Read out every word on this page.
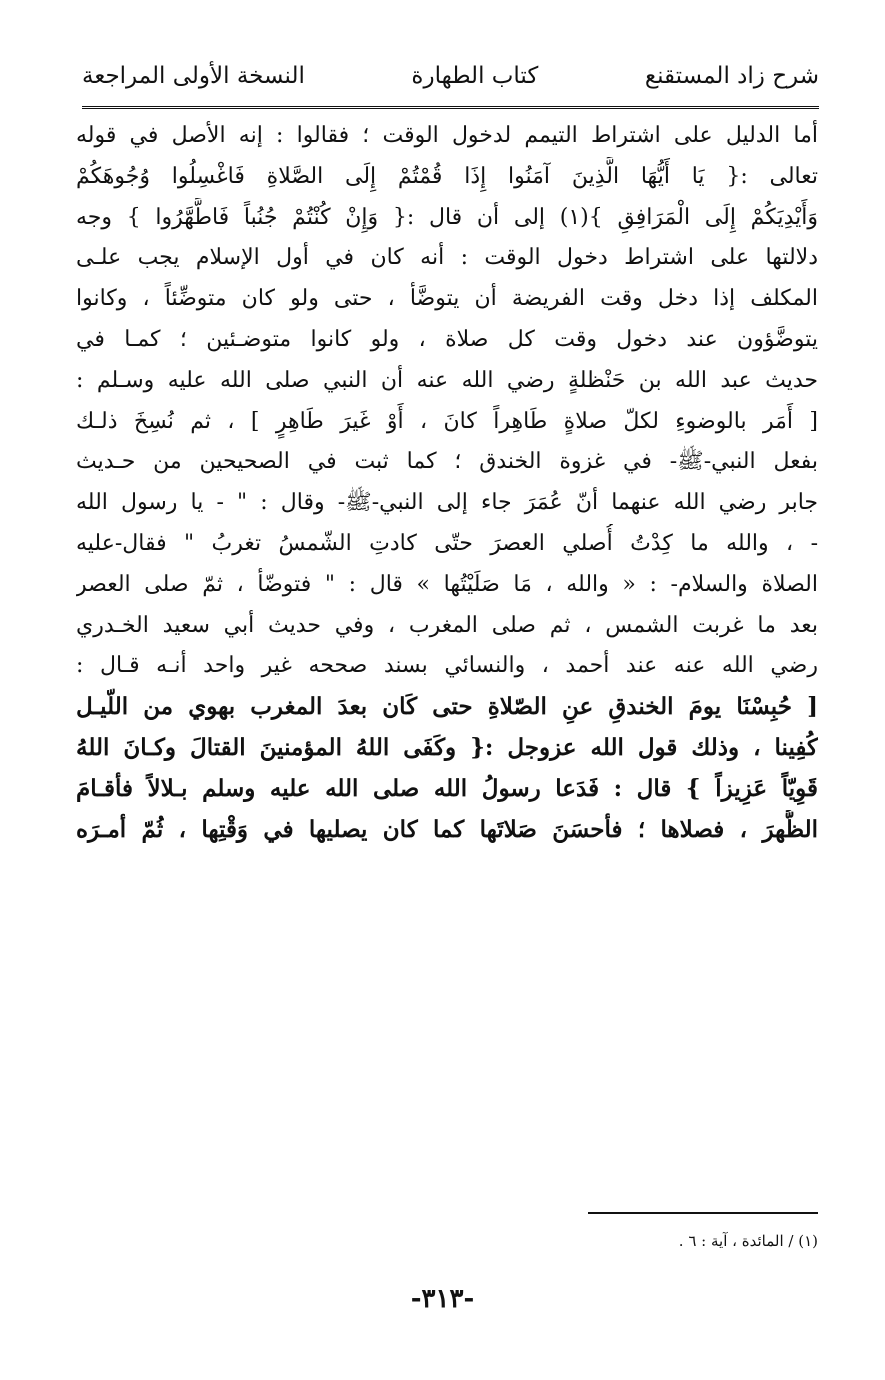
شرح زاد المستقنع
كتاب الطهارة
النسخة الأولى المراجعة
أما الدليل على اشتراط التيمم لدخول الوقت ؛ فقالوا : إنه الأصل في قوله
تعالى :{ يَا أَيُّهَا الَّذِينَ آمَنُوا إِذَا قُمْتُمْ إِلَى الصَّلاةِ فَاغْسِلُوا وُجُوهَكُمْ
وَأَيْدِيَكُمْ إِلَى الْمَرَافِقِ }(١) إلى أن قال :{ وَإِنْ كُنْتُمْ جُنُباً فَاطَّهَّرُوا } وجه
دلالتها على اشتراط دخول الوقت : أنه كان في أول الإسلام يجب علـى
المكلف إذا دخل وقت الفريضة أن يتوضَّأ ، حتى ولو كان متوضِّئاً ، وكانوا
يتوضَّؤون عند دخول وقت كل صلاة ، ولو كانوا متوضـئين ؛ كمـا في
حديث عبد الله بن حَنْظلةٍ رضي الله عنه أن النبي صلى الله عليه وسـلم :
[ أَمَر بالوضوءِ لكلّ صلاةٍ طَاهِراً كانَ ، أَوْ غَيرَ طَاهِرٍ ] ، ثم نُسِخَ ذلـك
بفعل النبي-ﷺ- في غزوة الخندق ؛ كما ثبت في الصحيحين من حـديث
جابر رضي الله عنهما أنّ عُمَرَ جاء إلى النبي-ﷺ- وقال : " - يا رسول الله
- ، والله ما كِدْتُ أُصلي العصرَ حتّى كادتِ الشّمسُ تغربُ " فقال-عليه
الصلاة والسلام- : « والله ، مَا صَلَيْتُها » قال : " فتوضّأ ، ثمّ صلى العصر
بعد ما غربت الشمس ، ثم صلى المغرب ، وفي حديث أبي سعيد الخـدري
رضي الله عنه عند أحمد ، والنسائي بسند صححه غير واحد أنـه قـال :
[ حُبِسْنَا يومَ الخندقِ عنِ الصّلاةِ حتى كَان بعدَ المغرب بهوي من اللّيـل
كُفِينا ، وذلك قول الله عزوجل :{ وكَفَى اللهُ المؤمنينَ القتالَ وكـانَ اللهُ
قَوِيّاً عَزِيزاً } قال : فَدَعا رسولُ الله صلى الله عليه وسلم بـلالاً فأقـامَ
الظُّهرَ ، فصلاها ؛ فأحسَنَ صَلاتَها كما كان يصليها في وَقْتِها ، ثُمّ أمـرَه
(١) / المائدة ، آية : ٦ .
-٣١٣-
